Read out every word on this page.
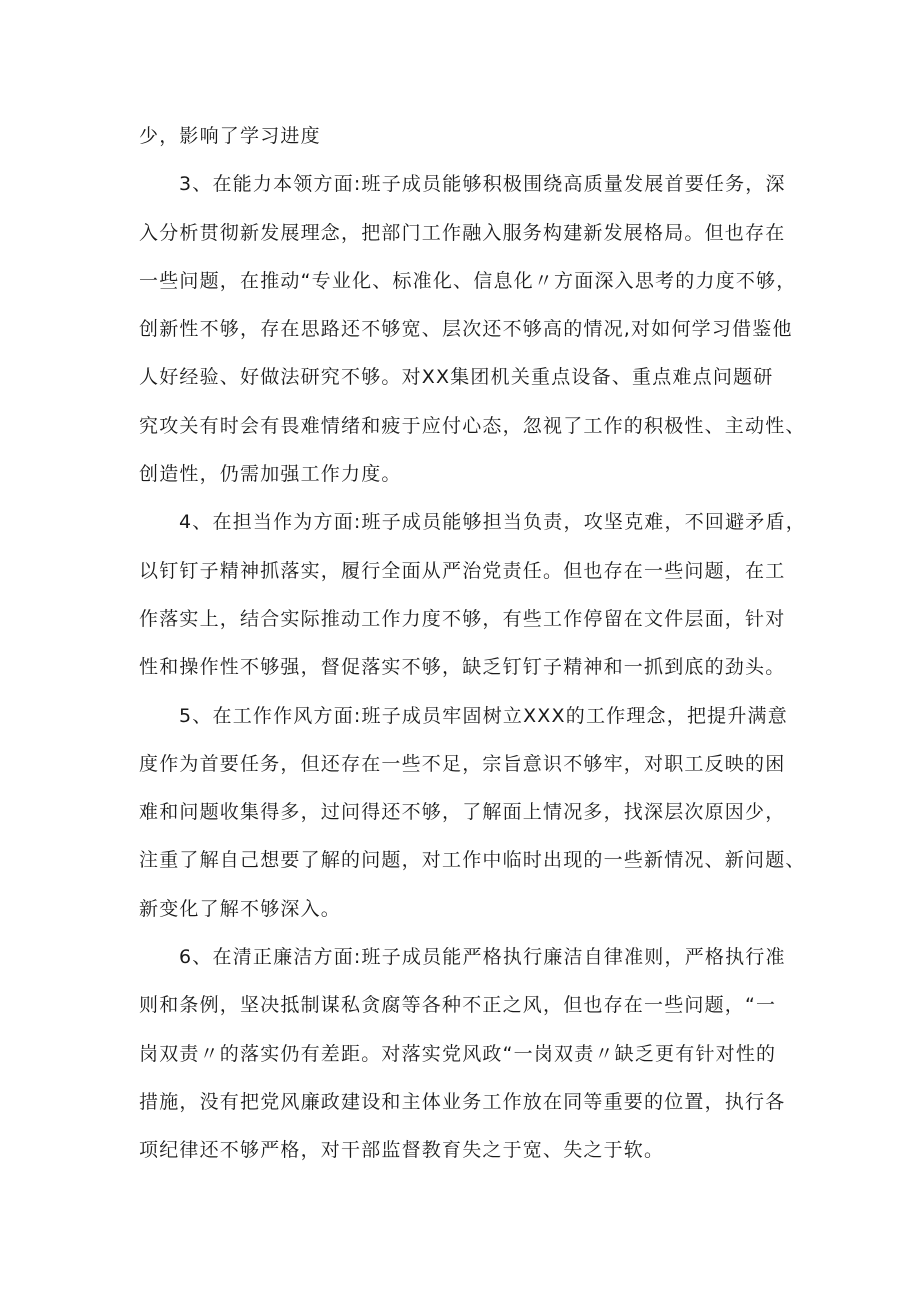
少，影响了学习进度
3、在能力本领方面:班子成员能够积极围绕高质量发展首要任务，深
入分析贯彻新发展理念，把部门工作融入服务构建新发展格局。但也存在
一些问题，在推动“专业化、标准化、信息化〃方面深入思考的力度不够，
创新性不够，存在思路还不够宽、层次还不够高的情况,对如何学习借鉴他
人好经验、好做法研究不够。对XX集团机关重点设备、重点难点问题研
究攻关有时会有畏难情绪和疲于应付心态，忽视了工作的积极性、主动性、
创造性，仍需加强工作力度。
4、在担当作为方面:班子成员能够担当负责，攻坚克难，不回避矛盾，
以钉钉子精神抓落实，履行全面从严治党责任。但也存在一些问题，在工
作落实上，结合实际推动工作力度不够，有些工作停留在文件层面，针对
性和操作性不够强，督促落实不够，缺乏钉钉子精神和一抓到底的劲头。
5、在工作作风方面:班子成员牢固树立XXX的工作理念，把提升满意
度作为首要任务，但还存在一些不足，宗旨意识不够牢，对职工反映的困
难和问题收集得多，过问得还不够，了解面上情况多，找深层次原因少，
注重了解自己想要了解的问题，对工作中临时出现的一些新情况、新问题、
新变化了解不够深入。
6、在清正廉洁方面:班子成员能严格执行廉洁自律准则，严格执行准
则和条例，坚决抵制谋私贪腐等各种不正之风，但也存在一些问题，“一
岗双责〃的落实仍有差距。对落实党风政“一岗双责〃缺乏更有针对性的
措施，没有把党风廉政建设和主体业务工作放在同等重要的位置，执行各
项纪律还不够严格，对干部监督教育失之于宽、失之于软。
